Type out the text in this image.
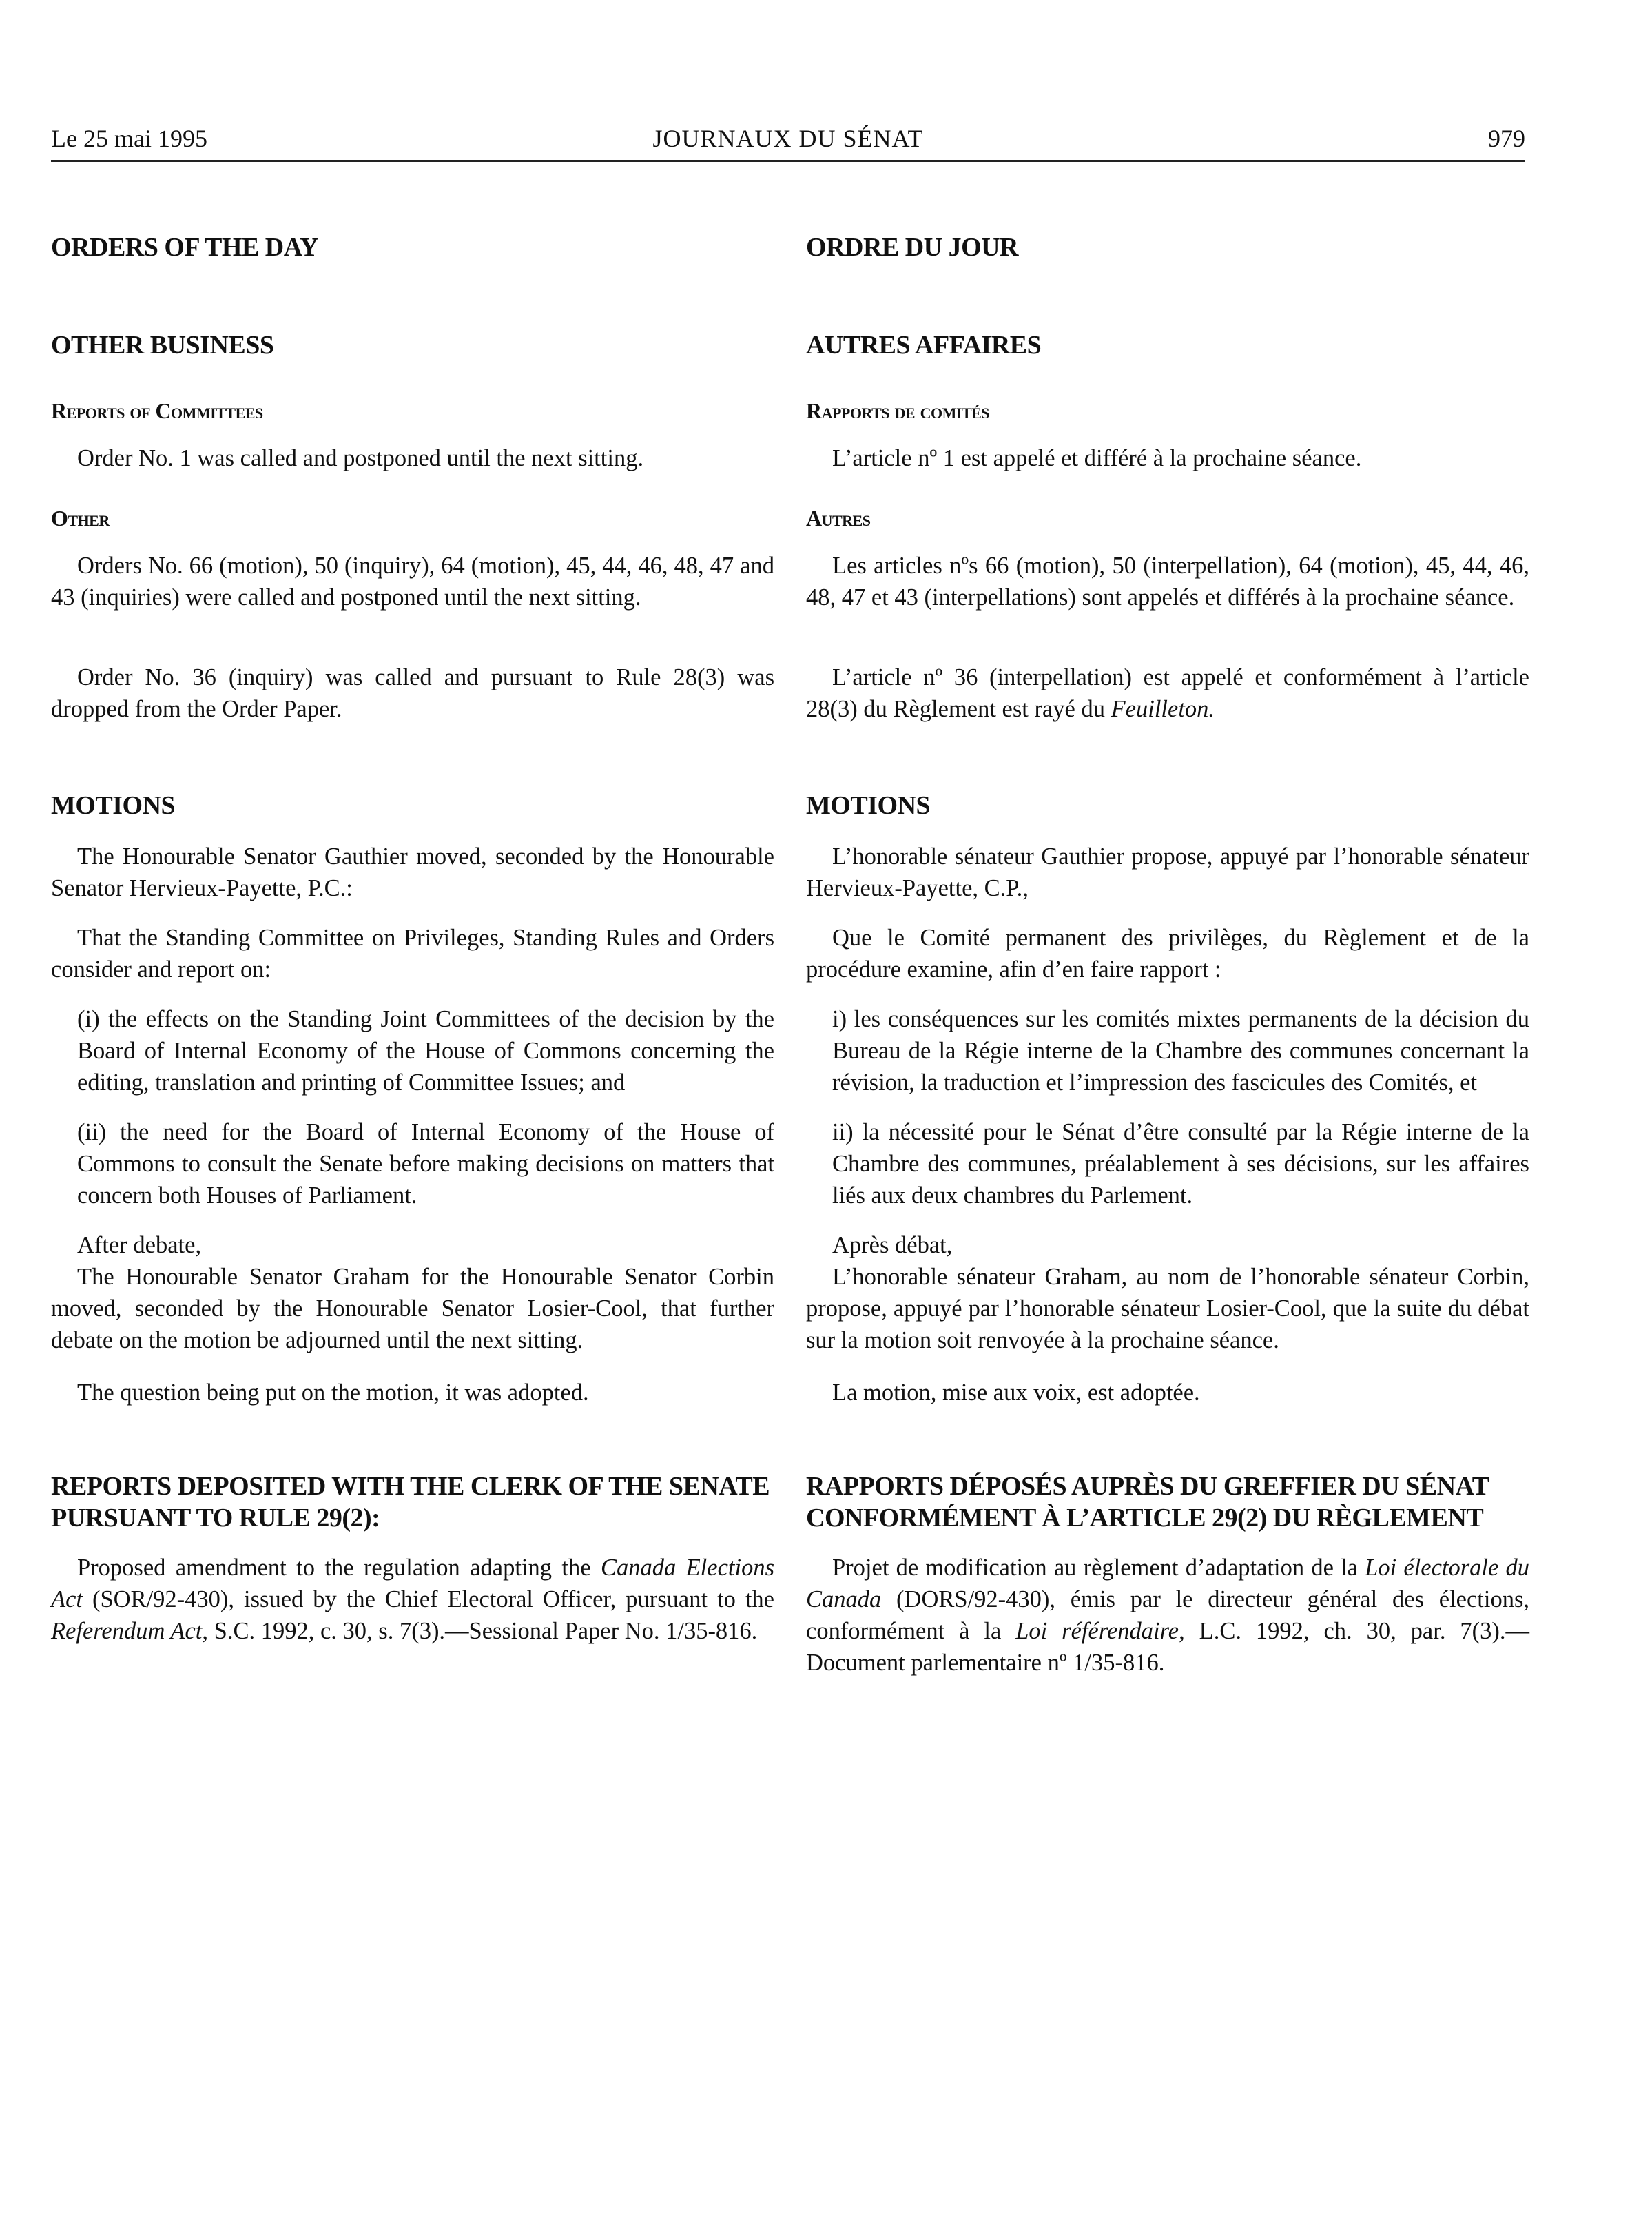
Le 25 mai 1995	JOURNAUX DU SÉNAT	979
ORDERS OF THE DAY
OTHER BUSINESS
Reports of Committees

Order No. 1 was called and postponed until the next sitting.

Other

Orders No. 66 (motion), 50 (inquiry), 64 (motion), 45, 44, 46, 48, 47 and 43 (inquiries) were called and postponed until the next sitting.

Order No. 36 (inquiry) was called and pursuant to Rule 28(3) was dropped from the Order Paper.

MOTIONS

The Honourable Senator Gauthier moved, seconded by the Honourable Senator Hervieux-Payette, P.C.:

That the Standing Committee on Privileges, Standing Rules and Orders consider and report on:

(i) the effects on the Standing Joint Committees of the decision by the Board of Internal Economy of the House of Commons concerning the editing, translation and printing of Committee Issues; and

(ii) the need for the Board of Internal Economy of the House of Commons to consult the Senate before making decisions on matters that concern both Houses of Parliament.

After debate,

The Honourable Senator Graham for the Honourable Senator Corbin moved, seconded by the Honourable Senator Losier-Cool, that further debate on the motion be adjourned until the next sitting.

The question being put on the motion, it was adopted.

REPORTS DEPOSITED WITH THE CLERK OF THE SENATE PURSUANT TO RULE 29(2):

Proposed amendment to the regulation adapting the Canada Elections Act (SOR/92-430), issued by the Chief Electoral Officer, pursuant to the Referendum Act, S.C. 1992, c. 30, s. 7(3).—Sessional Paper No. 1/35-816.

ORDRE DU JOUR
AUTRES AFFAIRES
Rapports de comités

L’article nº 1 est appelé et différé à la prochaine séance.

Autres

Les articles nºs 66 (motion), 50 (interpellation), 64 (motion), 45, 44, 46, 48, 47 et 43 (interpellations) sont appelés et différés à la prochaine séance.

L’article nº 36 (interpellation) est appelé et conformément à l’article 28(3) du Règlement est rayé du Feuilleton.

MOTIONS

L’honorable sénateur Gauthier propose, appuyé par l’honorable sénateur Hervieux-Payette, C.P.,

Que le Comité permanent des privilèges, du Règlement et de la procédure examine, afin d’en faire rapport :

i) les conséquences sur les comités mixtes permanents de la décision du Bureau de la Régie interne de la Chambre des communes concernant la révision, la traduction et l’impression des fascicules des Comités, et

ii) la nécessité pour le Sénat d’être consulté par la Régie interne de la Chambre des communes, préalablement à ses décisions, sur les affaires liés aux deux chambres du Parlement.

Après débat,

L’honorable sénateur Graham, au nom de l’honorable sénateur Corbin, propose, appuyé par l’honorable sénateur Losier-Cool, que la suite du débat sur la motion soit renvoyée à la prochaine séance.

La motion, mise aux voix, est adoptée.

RAPPORTS DÉPOSÉS AUPRÈS DU GREFFIER DU SÉNAT CONFORMÉMENT À L’ARTICLE 29(2) DU RÈGLEMENT

Projet de modification au règlement d’adaptation de la Loi électorale du Canada (DORS/92-430), émis par le directeur général des élections, conformément à la Loi référendaire, L.C. 1992, ch. 30, par. 7(3).—Document parlementaire nº 1/35-816.
